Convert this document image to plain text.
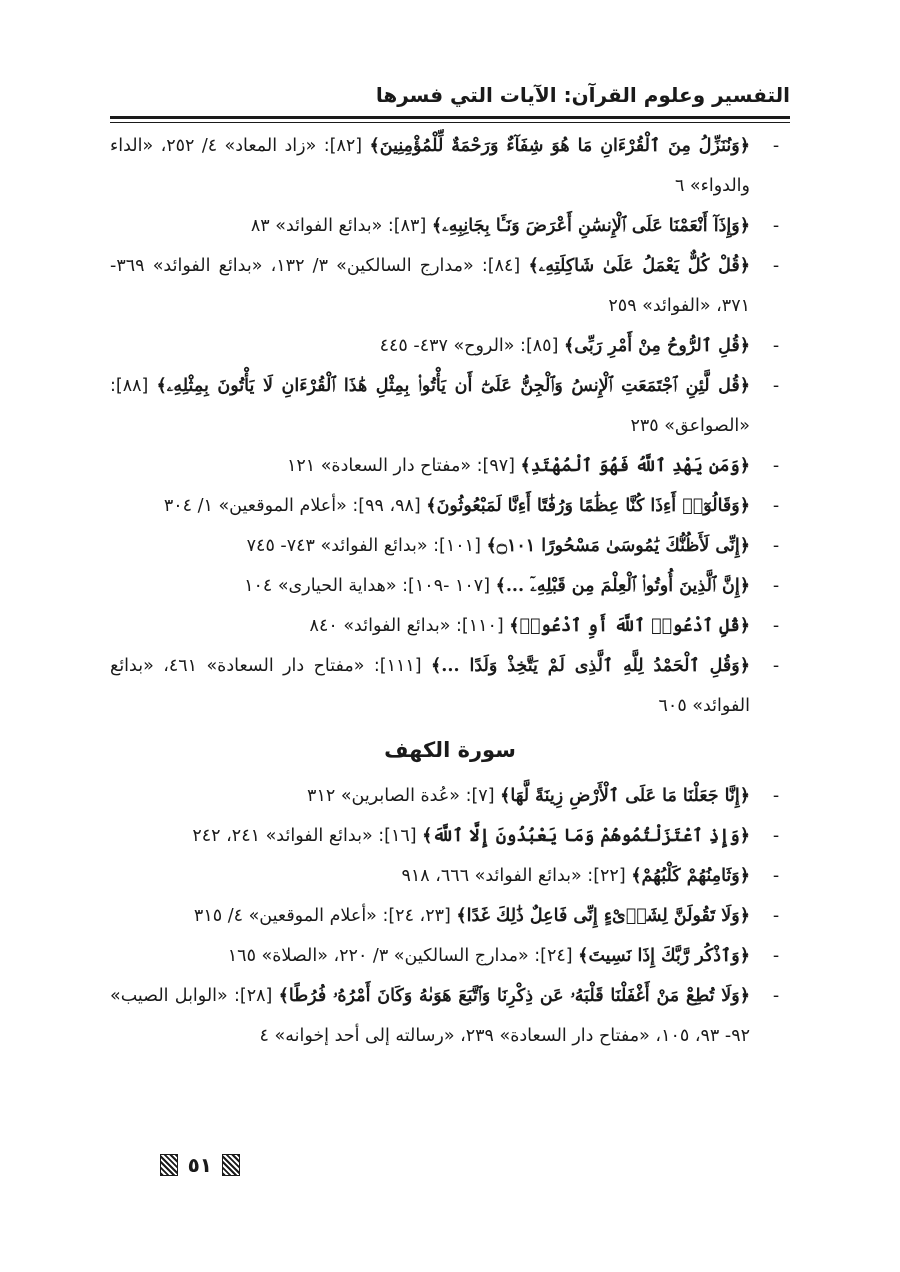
التفسير وعلوم القرآن: الآيات التي فسرها
-
﴿وَنُنَزِّلُ مِنَ ٱلْقُرْءَانِ مَا هُوَ شِفَآءٌ وَرَحْمَةٌ لِّلْمُؤْمِنِينَ﴾ [٨٢]: «زاد المعاد» ٤/ ٢٥٢، «الداء والدواء» ٦
-
﴿وَإِذَآ أَنْعَمْنَا عَلَى ٱلْإِنسَٰنِ أَعْرَضَ وَنَـَٔا بِجَانِبِهِۦ﴾ [٨٣]: «بدائع الفوائد» ٨٣
-
﴿قُلْ كُلٌّ يَعْمَلُ عَلَىٰ شَاكِلَتِهِۦ﴾ [٨٤]: «مدارج السالكين» ٣/ ١٣٢، «بدائع الفوائد» ٣٦٩- ٣٧١، «الفوائد» ٢٥٩
-
﴿قُلِ ٱلرُّوحُ مِنْ أَمْرِ رَبِّى﴾ [٨٥]: «الروح» ٤٣٧- ٤٤٥
-
﴿قُل لَّئِنِ ٱجْتَمَعَتِ ٱلْإِنسُ وَٱلْجِنُّ عَلَىٰٓ أَن يَأْتُوا۟ بِمِثْلِ هَٰذَا ٱلْقُرْءَانِ لَا يَأْتُونَ بِمِثْلِهِۦ﴾ [٨٨]: «الصواعق» ٢٣٥
-
﴿وَمَن يَهْدِ ٱللَّهُ فَهُوَ ٱلْمُهْتَدِ﴾ [٩٧]: «مفتاح دار السعادة» ١٢١
-
﴿وَقَالُوٓا۟ أَءِذَا كُنَّا عِظَٰمًا وَرُفَٰتًا أَءِنَّا لَمَبْعُوثُونَ﴾ [٩٨، ٩٩]: «أعلام الموقعين» ١/ ٣٠٤
-
﴿إِنِّى لَأَظُنُّكَ يَٰمُوسَىٰ مَسْحُورًا ۝١٠١﴾ [١٠١]: «بدائع الفوائد» ٧٤٣- ٧٤٥
-
﴿إِنَّ ٱلَّذِينَ أُوتُوا۟ ٱلْعِلْمَ مِن قَبْلِهِۦٓ ...﴾ [١٠٧ -١٠٩]: «هداية الحيارى» ١٠٤
-
﴿قُلِ ٱدْعُوا۟ ٱللَّهَ أَوِ ٱدْعُوا۟﴾ [١١٠]: «بدائع الفوائد» ٨٤٠
-
﴿وَقُلِ ٱلْحَمْدُ لِلَّهِ ٱلَّذِى لَمْ يَتَّخِذْ وَلَدًا ...﴾ [١١١]: «مفتاح دار السعادة» ٤٦١، «بدائع الفوائد» ٦٠٥
سورة الكهف
-
﴿إِنَّا جَعَلْنَا مَا عَلَى ٱلْأَرْضِ زِينَةً لَّهَا﴾ [٧]: «عُدة الصابرين» ٣١٢
-
﴿وَإِذِ ٱعْتَزَلْتُمُوهُمْ وَمَا يَعْبُدُونَ إِلَّا ٱللَّهَ﴾ [١٦]: «بدائع الفوائد» ٢٤١، ٢٤٢
-
﴿وَثَامِنُهُمْ كَلْبُهُمْ﴾ [٢٢]: «بدائع الفوائد» ٦٦٦، ٩١٨
-
﴿وَلَا تَقُولَنَّ لِشَا۟ىْءٍ إِنِّى فَاعِلٌ ذَٰلِكَ غَدًا﴾ [٢٣، ٢٤]: «أعلام الموقعين» ٤/ ٣١٥
-
﴿وَٱذْكُر رَّبَّكَ إِذَا نَسِيتَ﴾ [٢٤]: «مدارج السالكين» ٣/ ٢٢٠، «الصلاة» ١٦٥
-
﴿وَلَا تُطِعْ مَنْ أَغْفَلْنَا قَلْبَهُۥ عَن ذِكْرِنَا وَٱتَّبَعَ هَوَىٰهُ وَكَانَ أَمْرُهُۥ فُرُطًا﴾ [٢٨]: «الوابل الصيب» ٩٢- ٩٣، ١٠٥، «مفتاح دار السعادة» ٢٣٩، «رسالته إلى أحد إخوانه» ٤
٥١
